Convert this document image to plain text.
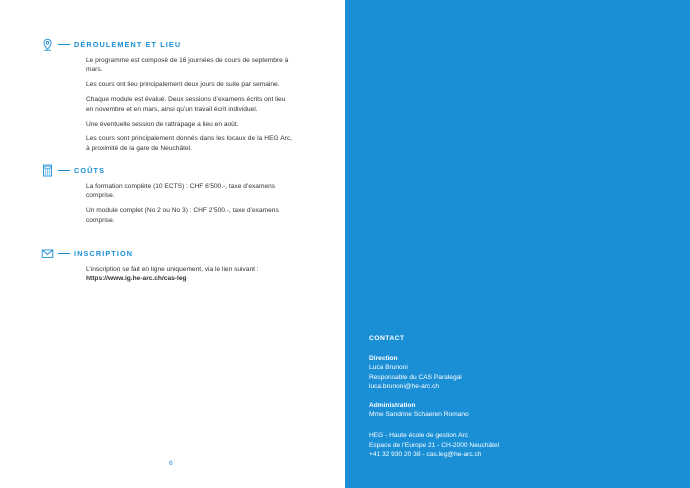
DÉROULEMENT ET LIEU

Le programme est composé de 16 journées de cours de septembre à mars.

Les cours ont lieu principalement deux jours de suite par semaine.

Chaque module est évalué. Deux sessions d’examens écrits ont lieu en novembre et en mars, ainsi qu’un travail écrit individuel.

Une éventuelle session de rattrapage a lieu en août.

Les cours sont principalement donnés dans les locaux de la HEG Arc, à proximité de la gare de Neuchâtel.

COÛTS

La formation complète (10 ECTS) : CHF 6’500.-, taxe d’examens comprise.

Un module complet (No 2 ou No 3) : CHF 2’500.-, taxe d’examens comprise.

INSCRIPTION

L’inscription se fait en ligne uniquement, via le lien suivant :
https://www.ig.he-arc.ch/cas-leg

6
CONTACT
Direction
Luca Brunoni
Responsable du CAS Paralegal
luca.brunoni@he-arc.ch
Administration
Mme Sandrine Schaeren Romano
HEG - Haute école de gestion Arc
Espace de l’Europe 21 - CH-2000 Neuchâtel
+41 32 930 20 38 - cas.leg@he-arc.ch
